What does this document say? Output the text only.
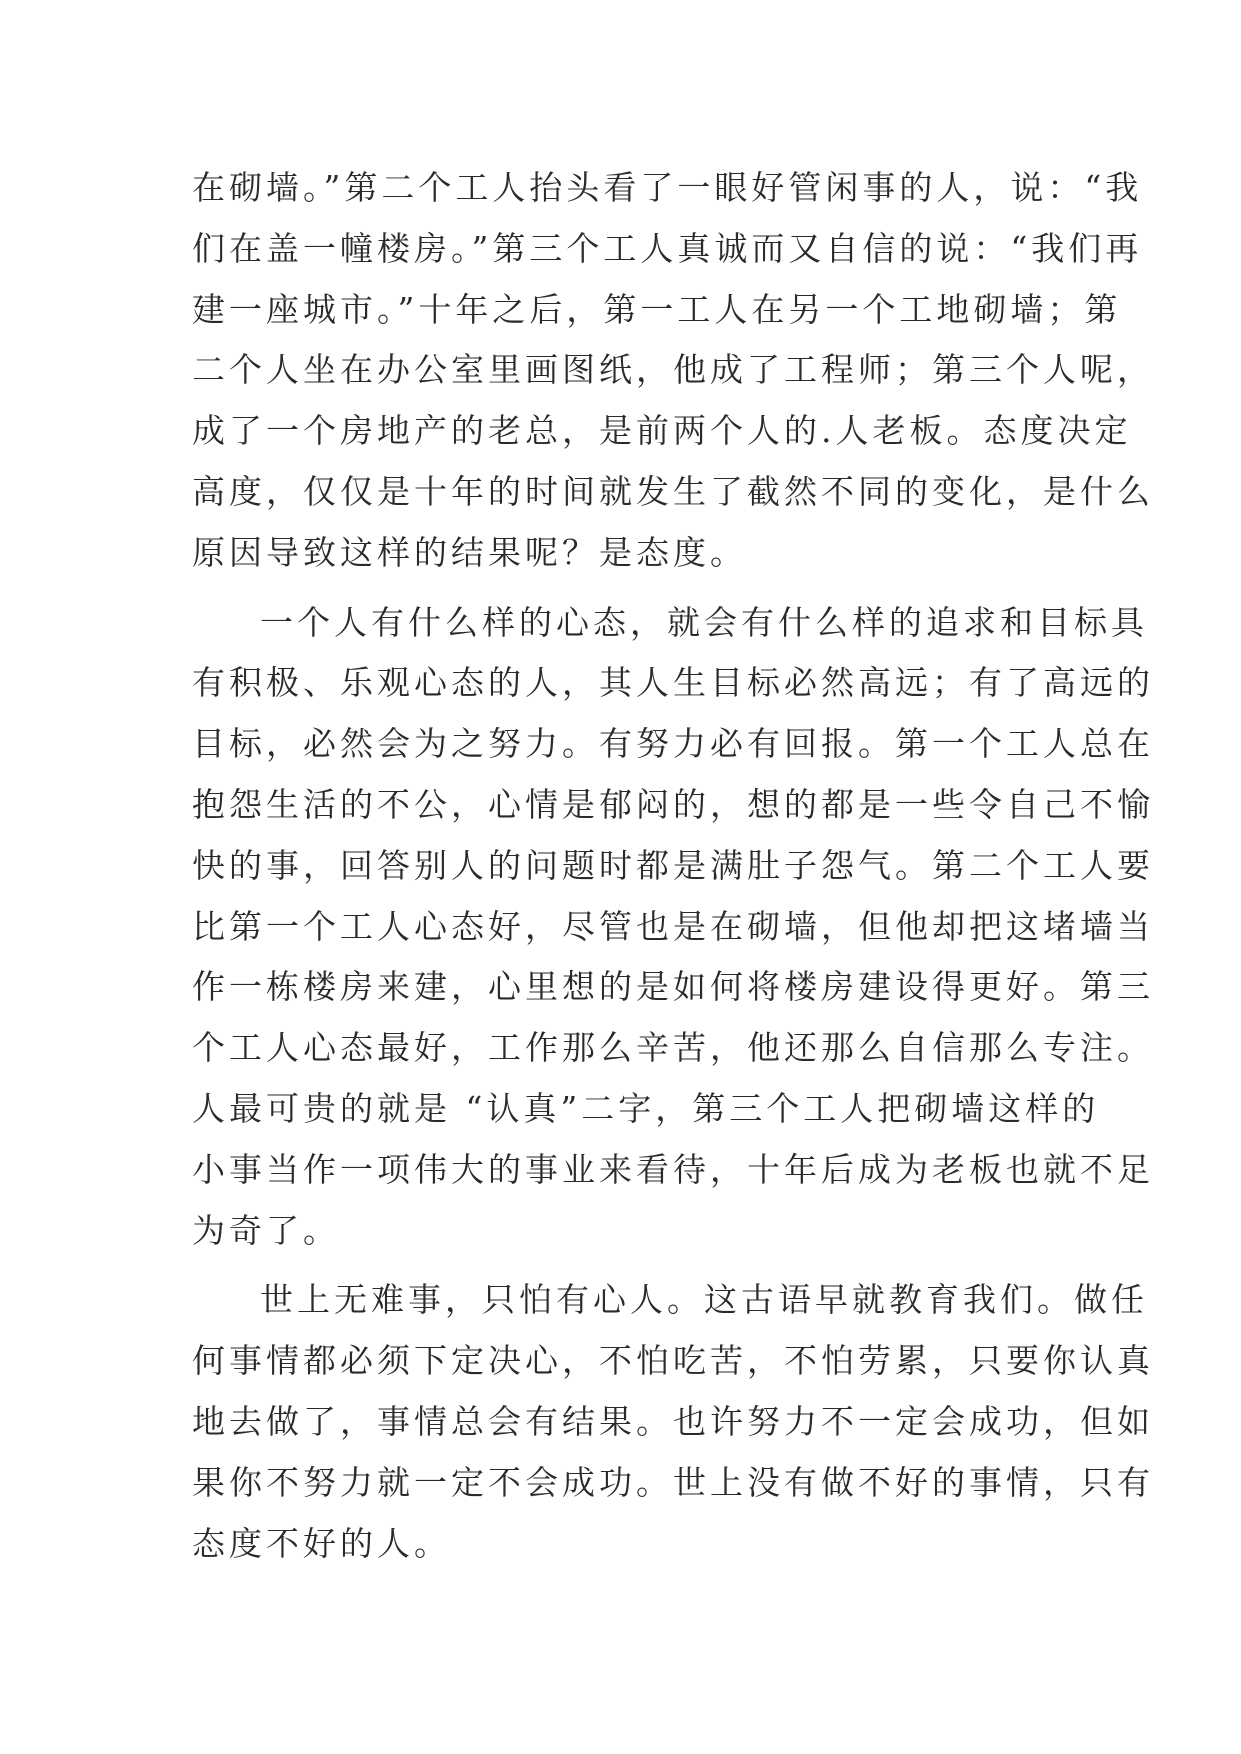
在砌墙。”第二个工人抬头看了一眼好管闲事的人，说：“我
们在盖一幢楼房。”第三个工人真诚而又自信的说：“我们再
建一座城市。”十年之后，第一工人在另一个工地砌墙；第
二个人坐在办公室里画图纸，他成了工程师；第三个人呢，
成了一个房地产的老总，是前两个人的.人老板。态度决定
高度，仅仅是十年的时间就发生了截然不同的变化，是什么
原因导致这样的结果呢？是态度。

一个人有什么样的心态，就会有什么样的追求和目标具
有积极、乐观心态的人，其人生目标必然高远；有了高远的
目标，必然会为之努力。有努力必有回报。第一个工人总在
抱怨生活的不公，心情是郁闷的，想的都是一些令自己不愉
快的事，回答别人的问题时都是满肚子怨气。第二个工人要
比第一个工人心态好，尽管也是在砌墙，但他却把这堵墙当
作一栋楼房来建，心里想的是如何将楼房建设得更好。第三
个工人心态最好，工作那么辛苦，他还那么自信那么专注。
人最可贵的就是 “认真”二字，第三个工人把砌墙这样的
小事当作一项伟大的事业来看待，十年后成为老板也就不足
为奇了。

世上无难事，只怕有心人。这古语早就教育我们。做任
何事情都必须下定决心，不怕吃苦，不怕劳累，只要你认真
地去做了，事情总会有结果。也许努力不一定会成功，但如
果你不努力就一定不会成功。世上没有做不好的事情，只有
态度不好的人。
